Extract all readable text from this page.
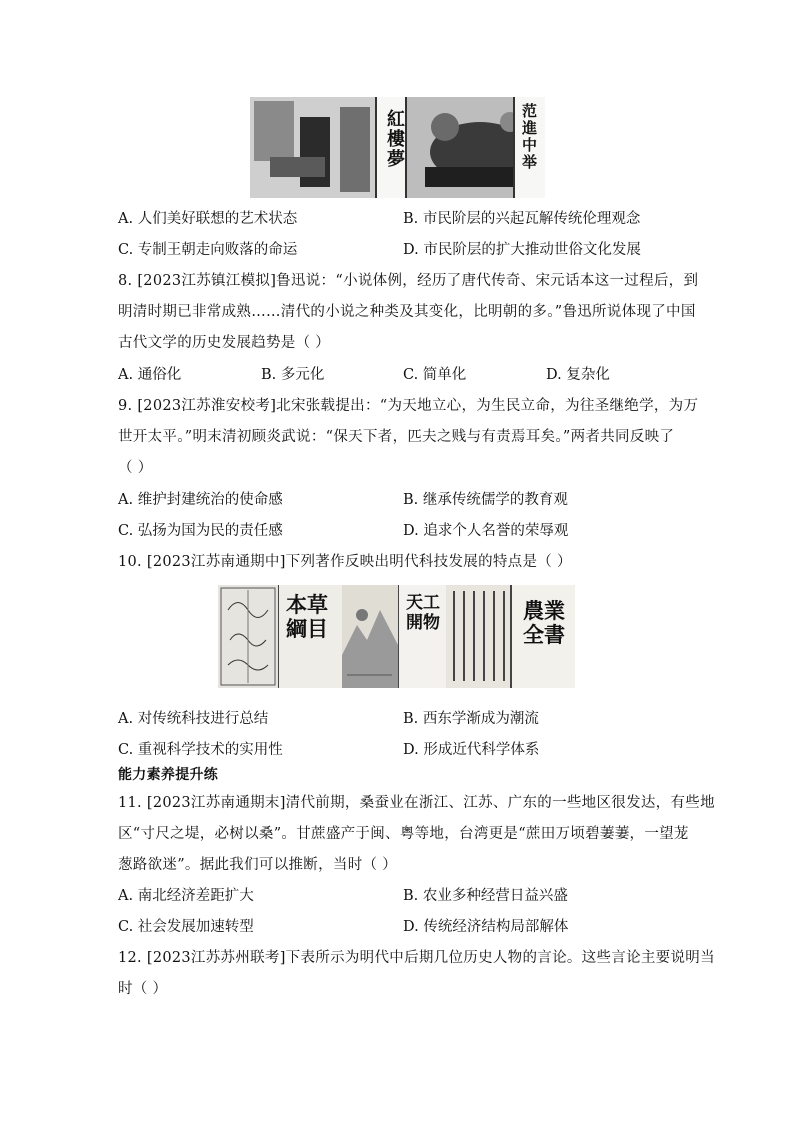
紅樓夢	范進中举
A. 人们美好联想的艺术状态	B. 市民阶层的兴起瓦解传统伦理观念
C. 专制王朝走向败落的命运	D. 市民阶层的扩大推动世俗文化发展
8. [2023江苏镇江模拟]鲁迅说：“小说体例，经历了唐代传奇、宋元话本这一过程后，到
明清时期已非常成熟……清代的小说之种类及其变化，比明朝的多。”鲁迅所说体现了中国
古代文学的历史发展趋势是（ ）
A. 通俗化	B. 多元化	C. 简单化	D. 复杂化
9. [2023江苏淮安校考]北宋张载提出：“为天地立心，为生民立命，为往圣继绝学，为万
世开太平。”明末清初顾炎武说：“保天下者，匹夫之贱与有责焉耳矣。”两者共同反映了
（ ）
A. 维护封建统治的使命感	B. 继承传统儒学的教育观
C. 弘扬为国为民的责任感	D. 追求个人名誉的荣辱观
10. [2023江苏南通期中]下列著作反映出明代科技发展的特点是（ ）
本草綱目
天工開物	農業全書
A. 对传统科技进行总结	B. 西东学渐成为潮流
C. 重视科学技术的实用性	D. 形成近代科学体系
能力素养提升练
11. [2023江苏南通期末]清代前期，桑蚕业在浙江、江苏、广东的一些地区很发达，有些地
区“寸尺之堤，必树以桑”。甘蔗盛产于闽、粤等地，台湾更是“蔗田万顷碧萋萋，一望茏
葱路欲迷”。据此我们可以推断，当时（ ）
A. 南北经济差距扩大	B. 农业多种经营日益兴盛
C. 社会发展加速转型	D. 传统经济结构局部解体
12. [2023江苏苏州联考]下表所示为明代中后期几位历史人物的言论。这些言论主要说明当
时（ ）
